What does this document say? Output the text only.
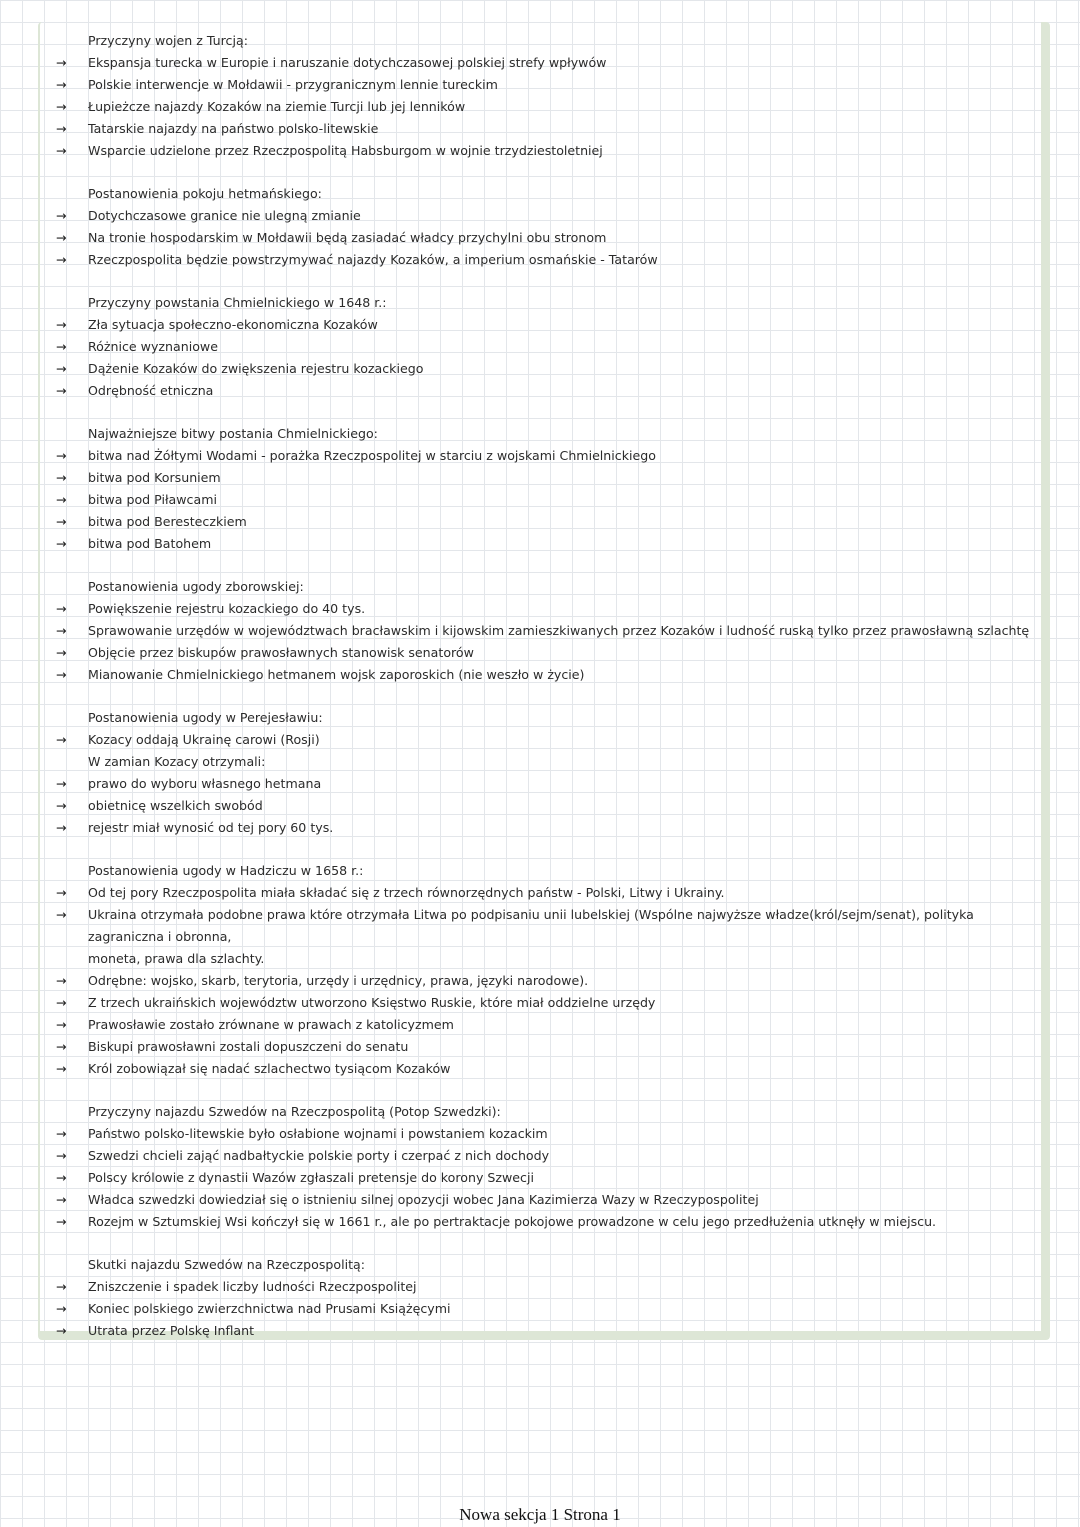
Przyczyny wojen z Turcją:
→	Ekspansja turecka w Europie i naruszanie dotychczasowej polskiej strefy wpływów
→	Polskie interwencje w Mołdawii - przygranicznym lennie tureckim
→	Łupieżcze najazdy Kozaków na ziemie Turcji lub jej lenników
→	Tatarskie najazdy na państwo polsko-litewskie
→	Wsparcie udzielone przez Rzeczpospolitą Habsburgom w wojnie trzydziestoletniej
Postanowienia pokoju hetmańskiego:
→	Dotychczasowe granice nie ulegną zmianie
→	Na tronie hospodarskim w Mołdawii będą zasiadać władcy przychylni obu stronom
→	Rzeczpospolita będzie powstrzymywać najazdy Kozaków, a imperium osmańskie - Tatarów
Przyczyny powstania Chmielnickiego w 1648 r.:
→	Zła sytuacja społeczno-ekonomiczna Kozaków
→	Różnice wyznaniowe
→	Dążenie Kozaków do zwiększenia rejestru kozackiego
→	Odrębność etniczna
Najważniejsze bitwy postania Chmielnickiego:
→	bitwa nad Żółtymi Wodami - porażka Rzeczpospolitej w starciu z wojskami Chmielnickiego
→	bitwa pod Korsuniem
→	bitwa pod Piławcami
→	bitwa pod Beresteczkiem
→	bitwa pod Batohem
Postanowienia ugody zborowskiej:
→	Powiększenie rejestru kozackiego do 40 tys.
→	Sprawowanie urzędów w województwach bracławskim i kijowskim zamieszkiwanych przez Kozaków i ludność ruską tylko przez prawosławną szlachtę
→	Objęcie przez biskupów prawosławnych stanowisk senatorów
→	Mianowanie Chmielnickiego hetmanem wojsk zaporoskich (nie weszło w życie)
Postanowienia ugody w Perejesławiu:
→	Kozacy oddają Ukrainę carowi (Rosji)
W zamian Kozacy otrzymali:
→	prawo do wyboru własnego hetmana
→	obietnicę wszelkich swobód
→	rejestr miał wynosić od tej pory 60 tys.
Postanowienia ugody w Hadziczu w 1658 r.:
→	Od tej pory Rzeczpospolita miała składać się z trzech równorzędnych państw - Polski, Litwy i Ukrainy.
→	Ukraina otrzymała podobne prawa które otrzymała Litwa po podpisaniu unii lubelskiej (Wspólne najwyższe władze(król/sejm/senat), polityka zagraniczna i obronna,
moneta, prawa dla szlachty.
→	Odrębne: wojsko, skarb, terytoria, urzędy i urzędnicy, prawa, języki narodowe).
→	Z trzech ukraińskich województw utworzono Księstwo Ruskie, które miał oddzielne urzędy
→	Prawosławie zostało zrównane w prawach z katolicyzmem
→	Biskupi prawosławni zostali dopuszczeni do senatu
→	Król zobowiązał się nadać szlachectwo tysiącom Kozaków
Przyczyny najazdu Szwedów na Rzeczpospolitą (Potop Szwedzki):
→	Państwo polsko-litewskie było osłabione wojnami i powstaniem kozackim
→	Szwedzi chcieli zająć nadbałtyckie polskie porty i czerpać z nich dochody
→	Polscy królowie z dynastii Wazów zgłaszali pretensje do korony Szwecji
→	Władca szwedzki dowiedział się o istnieniu silnej opozycji wobec Jana Kazimierza Wazy w Rzeczypospolitej
→	Rozejm w Sztumskiej Wsi kończył się w 1661 r., ale po pertraktacje pokojowe prowadzone w celu jego przedłużenia utknęły w miejscu.
Skutki najazdu Szwedów na Rzeczpospolitą:
→	Zniszczenie i spadek liczby ludności Rzeczpospolitej
→	Koniec polskiego zwierzchnictwa nad Prusami Książęcymi
→	Utrata przez Polskę Inflant
Nowa sekcja 1 Strona 1
